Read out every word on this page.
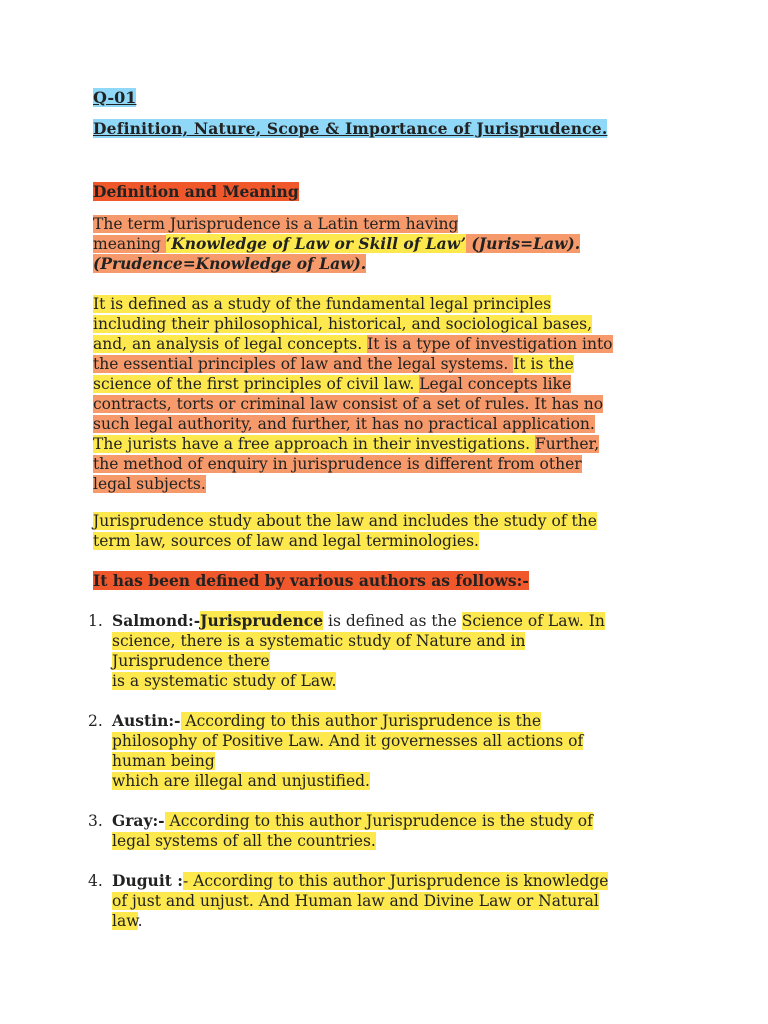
Q-01
Definition, Nature, Scope & Importance of Jurisprudence.
Definition and Meaning
The term Jurisprudence is a Latin term having
meaning ‘Knowledge of Law or Skill of Law’ (Juris=Law).
(Prudence=Knowledge of Law).
It is defined as a study of the fundamental legal principles
including their philosophical, historical, and sociological bases,
and, an analysis of legal concepts. It is a type of investigation into
the essential principles of law and the legal systems. It is the
science of the first principles of civil law. Legal concepts like
contracts, torts or criminal law consist of a set of rules. It has no
such legal authority, and further, it has no practical application.
The jurists have a free approach in their investigations. Further,
the method of enquiry in jurisprudence is different from other
legal subjects.
Jurisprudence study about the law and includes the study of the
term law, sources of law and legal terminologies.
It has been defined by various authors as follows:-
1. Salmond:-Jurisprudence is defined as the Science of Law. In
science, there is a systematic study of Nature and in
Jurisprudence there
is a systematic study of Law.
2. Austin:- According to this author Jurisprudence is the
philosophy of Positive Law. And it governesses all actions of
human being
which are illegal and unjustified.
3. Gray:- According to this author Jurisprudence is the study of
legal systems of all the countries.
4. Duguit :- According to this author Jurisprudence is knowledge
of just and unjust. And Human law and Divine Law or Natural
law.
